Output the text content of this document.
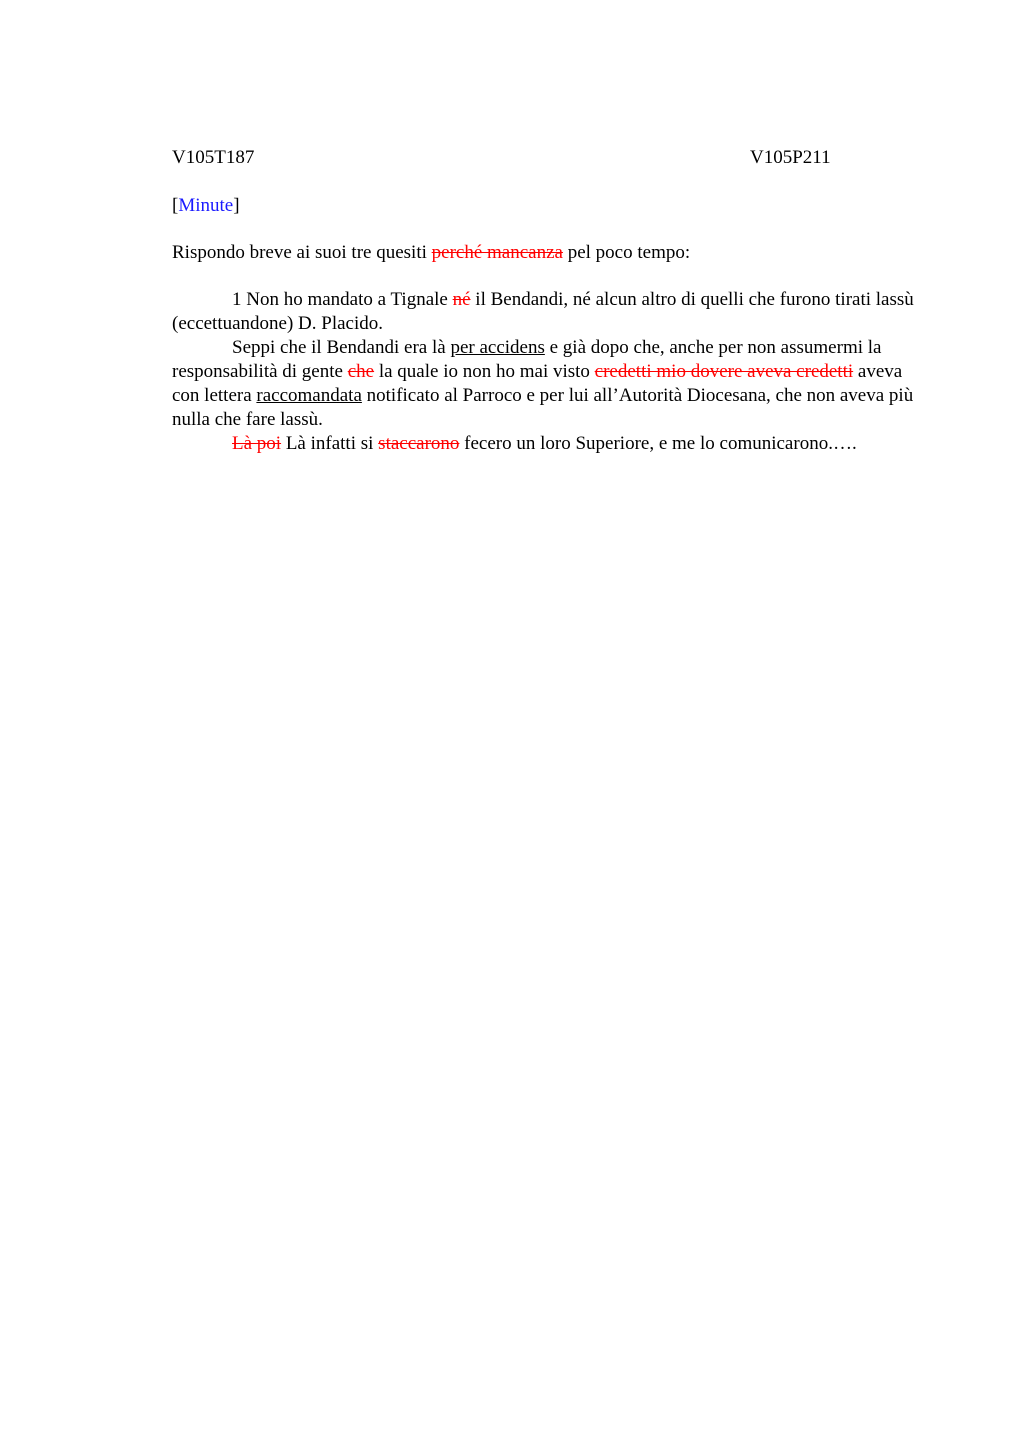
V105T187	V105P211
[Minute]
Rispondo breve ai suoi tre quesiti perché mancanza pel poco tempo:

1 Non ho mandato a Tignale né il Bendandi, né alcun altro di quelli che furono tirati lassù (eccettuandone) D. Placido.

Seppi che il Bendandi era là per accidens e già dopo che, anche per non assumermi la responsabilità di gente che la quale io non ho mai visto credetti mio dovere aveva credetti aveva con lettera raccomandata notificato al Parroco e per lui all’Autorità Diocesana, che non aveva più nulla che fare lassù.

Là poi Là infatti si staccarono fecero un loro Superiore, e me lo comunicarono.….
